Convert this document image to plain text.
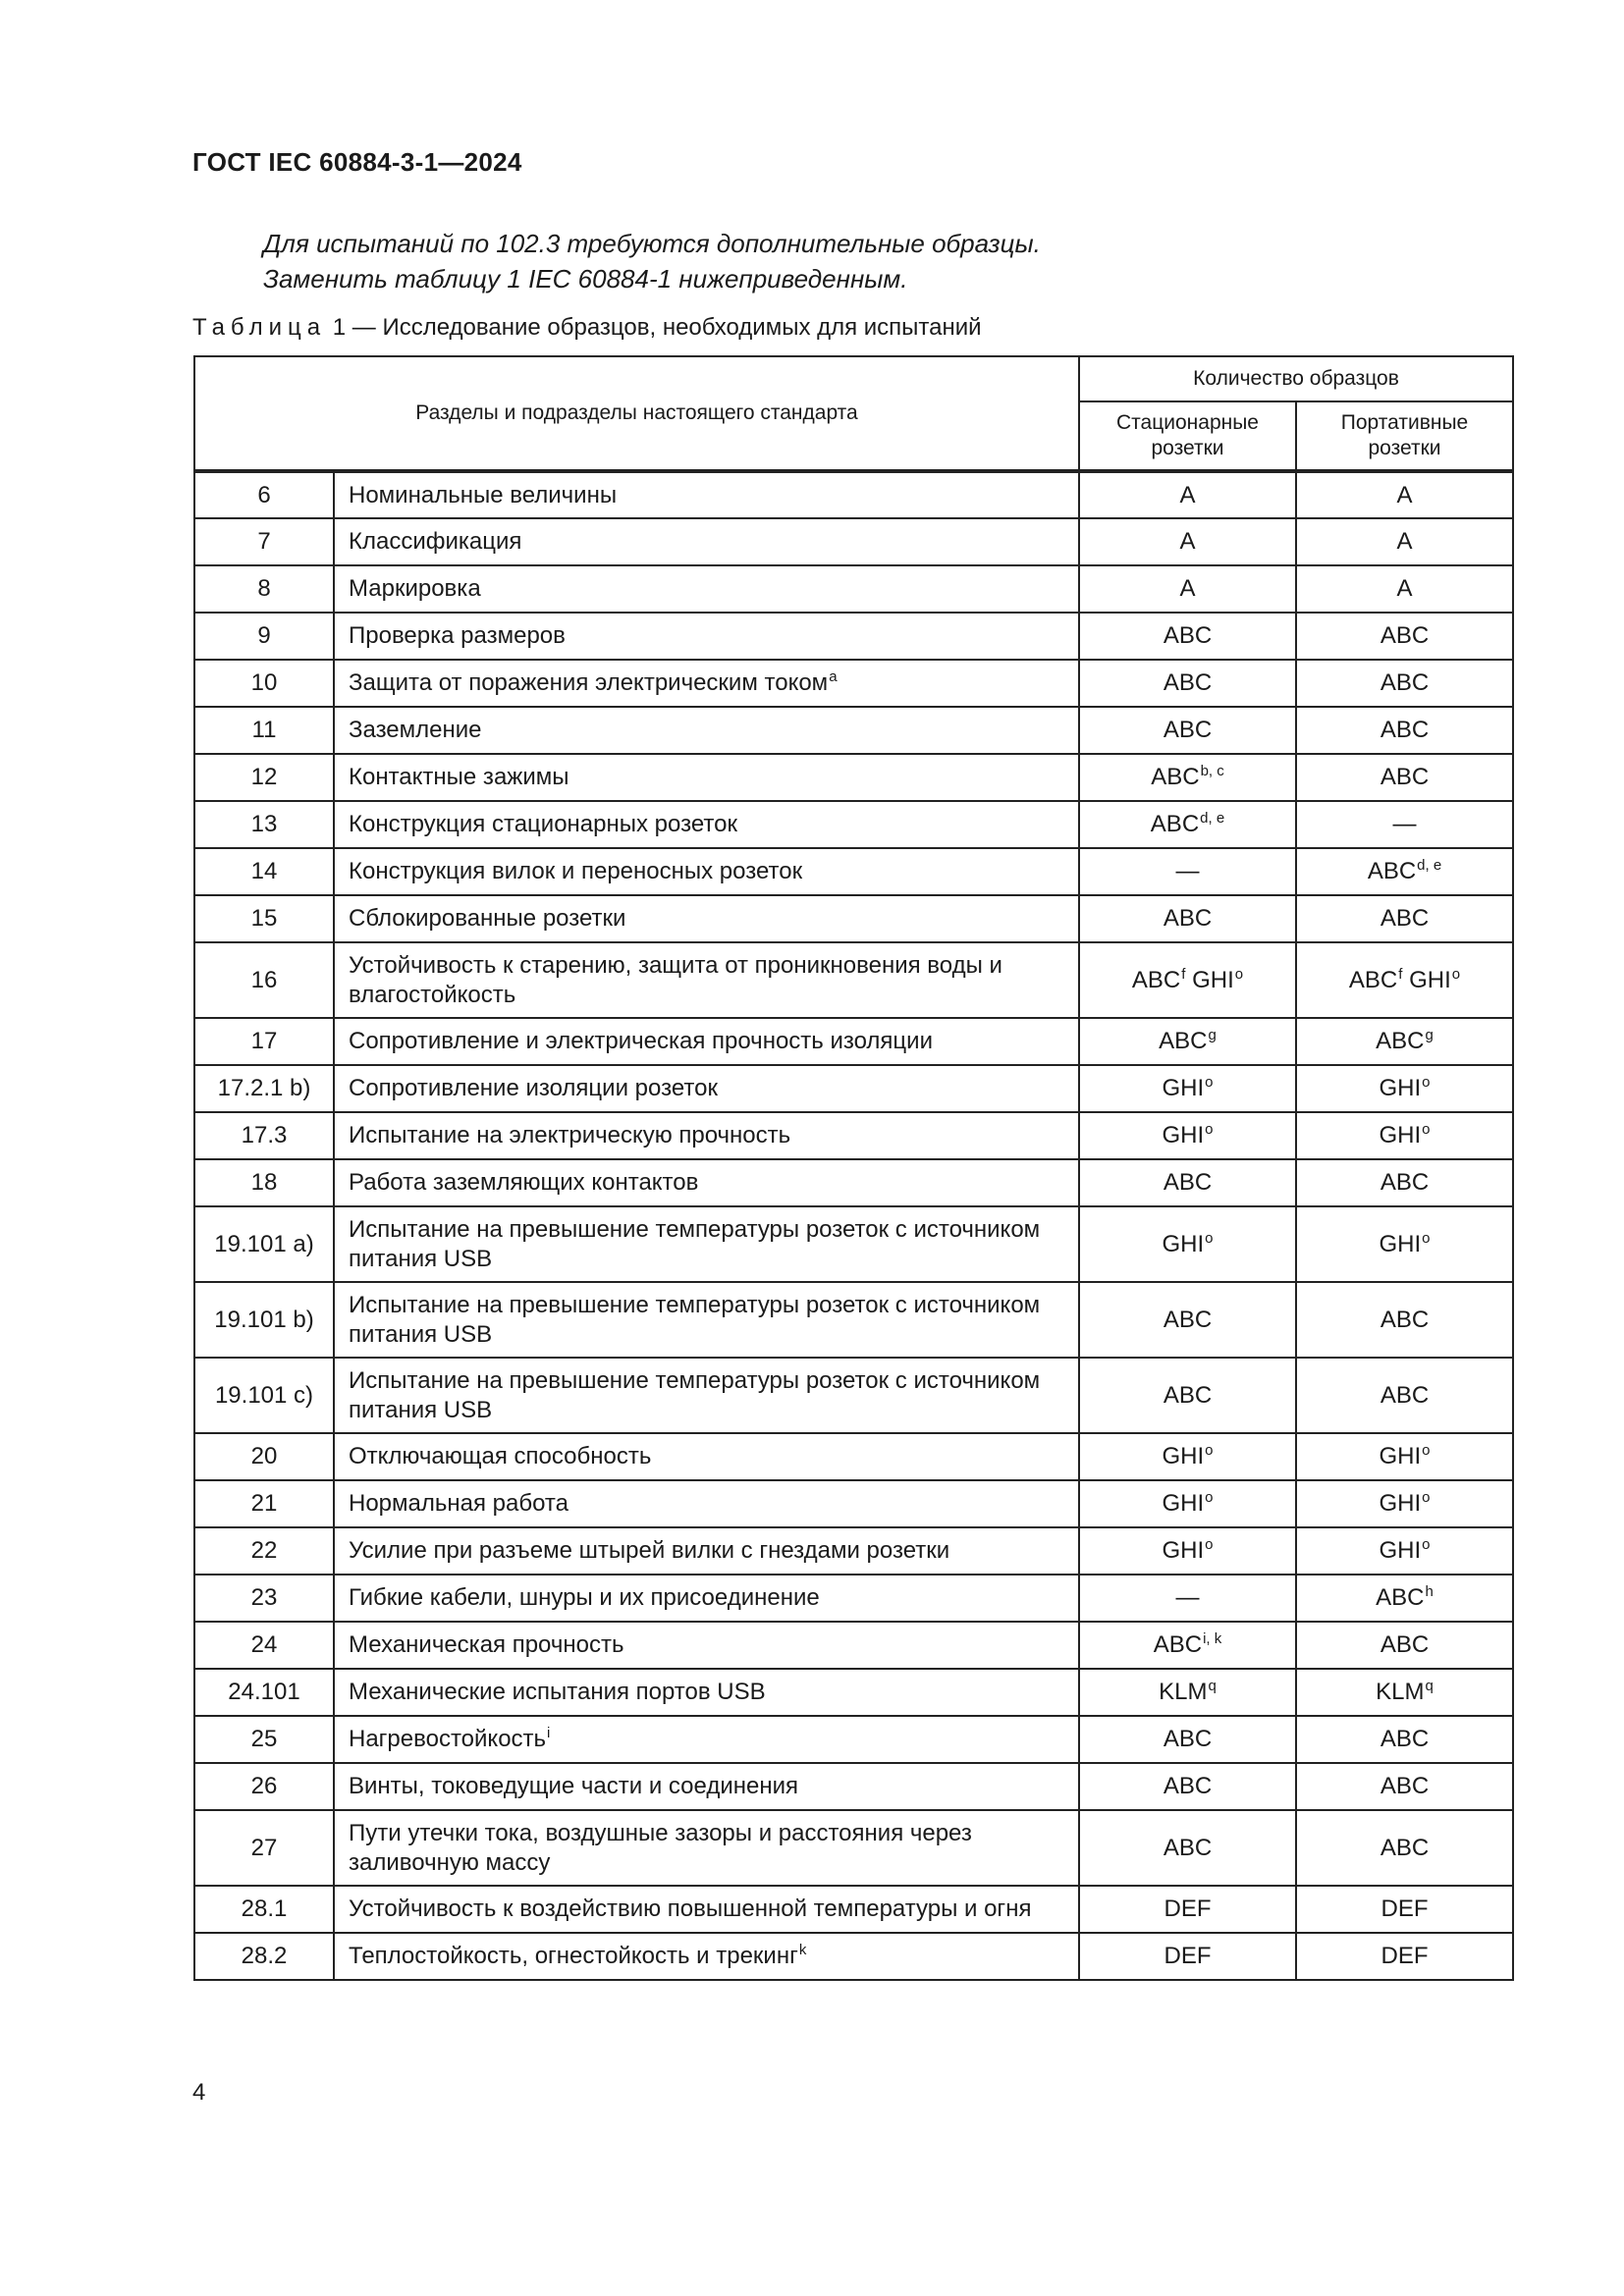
ГОСТ IEC 60884-3-1—2024
Для испытаний по 102.3 требуются дополнительные образцы.
Заменить таблицу 1 IEC 60884-1 нижеприведенным.
Таблица 1 — Исследование образцов, необходимых для испытаний
Разделы и подразделы настоящего стандарта		Количество образцов	
		Стационарные розетки	Портативные розетки
6	Номинальные величины	A	A
7	Классификация	A	A
8	Маркировка	A	A
9	Проверка размеров	ABC	ABC
10	Защита от поражения электрическим током$^a$	ABC	ABC
11	Заземление	ABC	ABC
12	Контактные зажимы	ABC$^{b, c}$	ABC
13	Конструкция стационарных розеток	ABC$^{d, e}$	—
14	Конструкция вилок и переносных розеток	—	ABC$^{d, e}$
15	Сблокированные розетки	ABC	ABC
16	Устойчивость к старению, защита от проникновения воды и влагостойкость	ABC$^f$ GHI$^o$	ABC$^f$ GHI$^o$
17	Сопротивление и электрическая прочность изоляции	ABC$^g$	ABC$^g$
17.2.1 b)	Сопротивление изоляции розеток	GHI$^o$	GHI$^o$
17.3	Испытание на электрическую прочность	GHI$^o$	GHI$^o$
18	Работа заземляющих контактов	ABC	ABC
19.101 a)	Испытание на превышение температуры розеток с источником питания USB	GHI$^o$	GHI$^o$
19.101 b)	Испытание на превышение температуры розеток с источником питания USB	ABC	ABC
19.101 c)	Испытание на превышение температуры розеток с источником питания USB	ABC	ABC
20	Отключающая способность	GHI$^o$	GHI$^o$
21	Нормальная работа	GHI$^o$	GHI$^o$
22	Усилие при разъеме штырей вилки с гнездами розетки	GHI$^o$	GHI$^o$
23	Гибкие кабели, шнуры и их присоединение	—	ABC$^h$
24	Механическая прочность	ABC$^{i, k}$	ABC
24.101	Механические испытания портов USB	KLM$^q$	KLM$^q$
25	Нагревостойкость$^i$	ABC	ABC
26	Винты, токоведущие части и соединения	ABC	ABC
27	Пути утечки тока, воздушные зазоры и расстояния через заливочную массу	ABC	ABC
28.1	Устойчивость к воздействию повышенной температуры и огня	DEF	DEF
28.2	Теплостойкость, огнестойкость и трекинг$^k$	DEF	DEF
4
